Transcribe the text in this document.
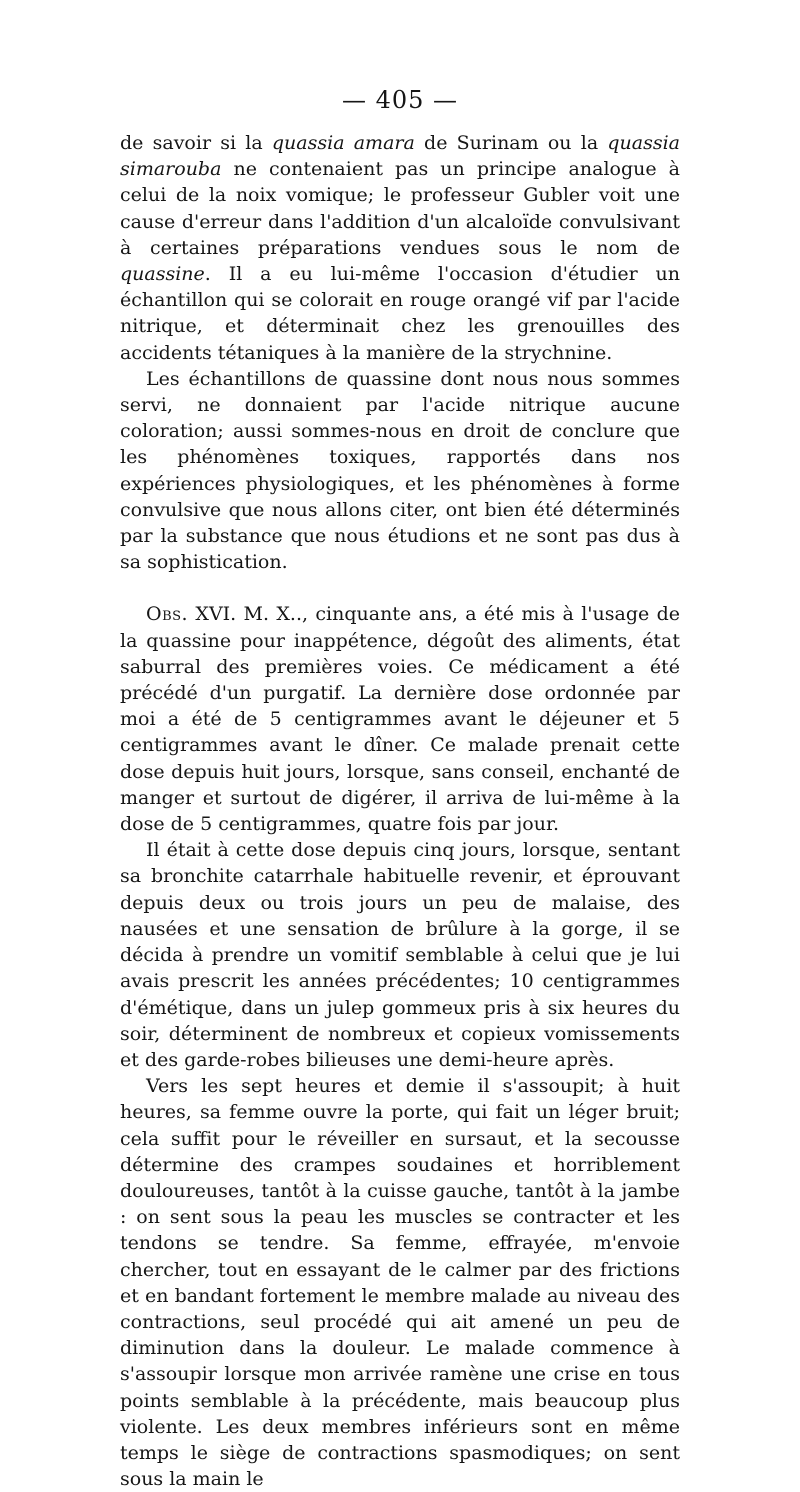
— 405 —

de savoir si la quassia amara de Surinam ou la quassia simarouba ne contenaient pas un principe analogue à celui de la noix vomique; le professeur Gubler voit une cause d'erreur dans l'addition d'un alcaloïde convulsivant à certaines préparations vendues sous le nom de quassine. Il a eu lui-même l'occasion d'étudier un échantillon qui se colorait en rouge orangé vif par l'acide nitrique, et déterminait chez les grenouilles des accidents tétaniques à la manière de la strychnine.

Les échantillons de quassine dont nous nous sommes servi, ne donnaient par l'acide nitrique aucune coloration; aussi sommes-nous en droit de conclure que les phénomènes toxiques, rapportés dans nos expériences physiologiques, et les phénomènes à forme convulsive que nous allons citer, ont bien été déterminés par la substance que nous étudions et ne sont pas dus à sa sophistication.

Obs. XVI. M. X.., cinquante ans, a été mis à l'usage de la quassine pour inappétence, dégoût des aliments, état saburral des premières voies. Ce médicament a été précédé d'un purgatif. La dernière dose ordonnée par moi a été de 5 centigrammes avant le déjeuner et 5 centigrammes avant le dîner. Ce malade prenait cette dose depuis huit jours, lorsque, sans conseil, enchanté de manger et surtout de digérer, il arriva de lui-même à la dose de 5 centigrammes, quatre fois par jour.

Il était à cette dose depuis cinq jours, lorsque, sentant sa bronchite catarrhale habituelle revenir, et éprouvant depuis deux ou trois jours un peu de malaise, des nausées et une sensation de brûlure à la gorge, il se décida à prendre un vomitif semblable à celui que je lui avais prescrit les années précédentes; 10 centigrammes d'émétique, dans un julep gommeux pris à six heures du soir, déterminent de nombreux et copieux vomissements et des garde-robes bilieuses une demi-heure après.

Vers les sept heures et demie il s'assoupit; à huit heures, sa femme ouvre la porte, qui fait un léger bruit; cela suffit pour le réveiller en sursaut, et la secousse détermine des crampes soudaines et horriblement douloureuses, tantôt à la cuisse gauche, tantôt à la jambe : on sent sous la peau les muscles se contracter et les tendons se tendre. Sa femme, effrayée, m'envoie chercher, tout en essayant de le calmer par des frictions et en bandant fortement le membre malade au niveau des contractions, seul procédé qui ait amené un peu de diminution dans la douleur. Le malade commence à s'assoupir lorsque mon arrivée ramène une crise en tous points semblable à la précédente, mais beaucoup plus violente. Les deux membres inférieurs sont en même temps le siège de contractions spasmodiques; on sent sous la main le
